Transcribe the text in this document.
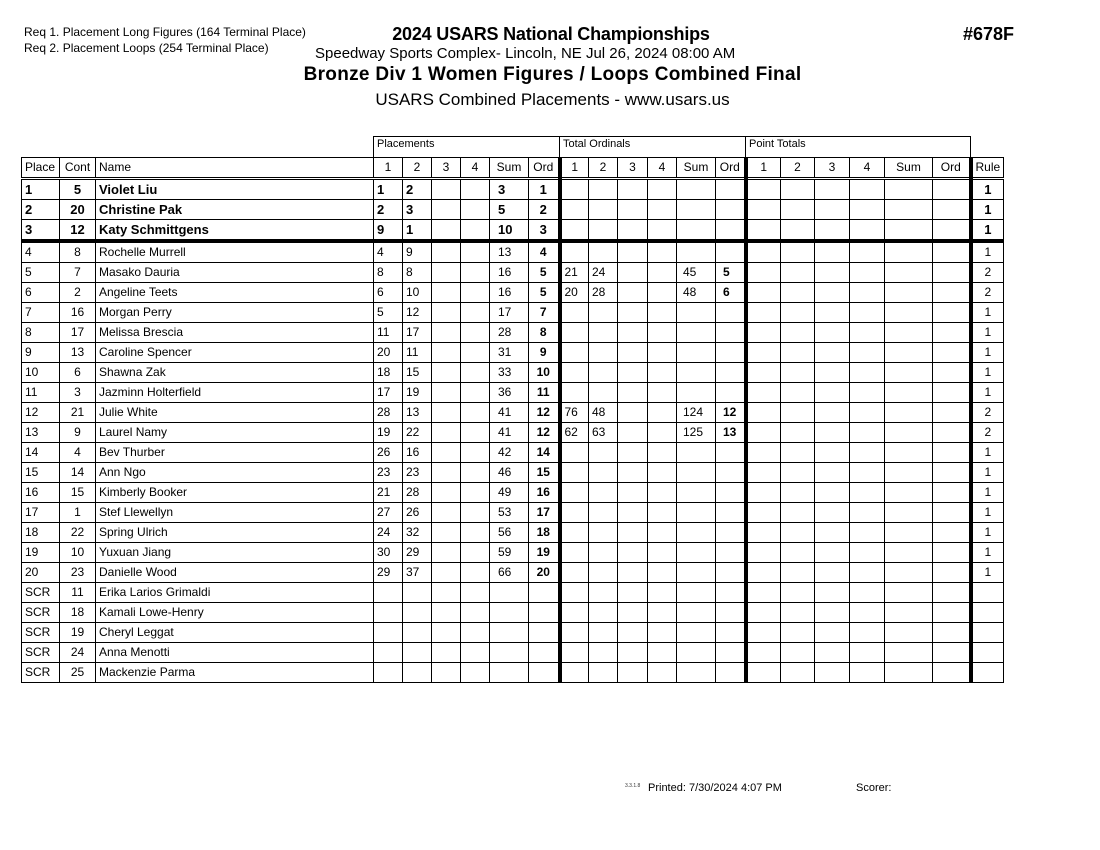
Req 1. Placement Long Figures (164 Terminal Place)
Req 2. Placement Loops (254 Terminal Place)
2024 USARS National Championships
Speedway Sports Complex- Lincoln, NE Jul 26, 2024 08:00 AM
Bronze Div 1 Women Figures / Loops Combined Final
USARS Combined Placements - www.usars.us
#678F
			Placements						Total Ordinals						Point Totals						
Place	Cont	Name	1	2	3	4	Sum	Ord	1	2	3	4	Sum	Ord	1	2	3	4	Sum	Ord	Rule
1	5	Violet Liu	1	2			3	1													1
2	20	Christine Pak	2	3			5	2													1
3	12	Katy Schmittgens	9	1			10	3													1
4	8	Rochelle Murrell	4	9			13	4													1
5	7	Masako Dauria	8	8			16	5	21	24			45	5							2
6	2	Angeline Teets	6	10			16	5	20	28			48	6							2
7	16	Morgan Perry	5	12			17	7													1
8	17	Melissa Brescia	11	17			28	8													1
9	13	Caroline Spencer	20	11			31	9													1
10	6	Shawna Zak	18	15			33	10													1
11	3	Jazminn Holterfield	17	19			36	11													1
12	21	Julie White	28	13			41	12	76	48			124	12							2
13	9	Laurel Namy	19	22			41	12	62	63			125	13							2
14	4	Bev Thurber	26	16			42	14													1
15	14	Ann Ngo	23	23			46	15													1
16	15	Kimberly Booker	21	28			49	16													1
17	1	Stef Llewellyn	27	26			53	17													1
18	22	Spring Ulrich	24	32			56	18													1
19	10	Yuxuan Jiang	30	29			59	19													1
20	23	Danielle Wood	29	37			66	20													1
SCR	11	Erika Larios Grimaldi																			
SCR	18	Kamali Lowe-Henry																			
SCR	19	Cheryl Leggat																			
SCR	24	Anna Menotti																			
SCR	25	Mackenzie Parma																			
3.3.1.8 Printed: 7/30/2024 4:07 PM	Scorer:
